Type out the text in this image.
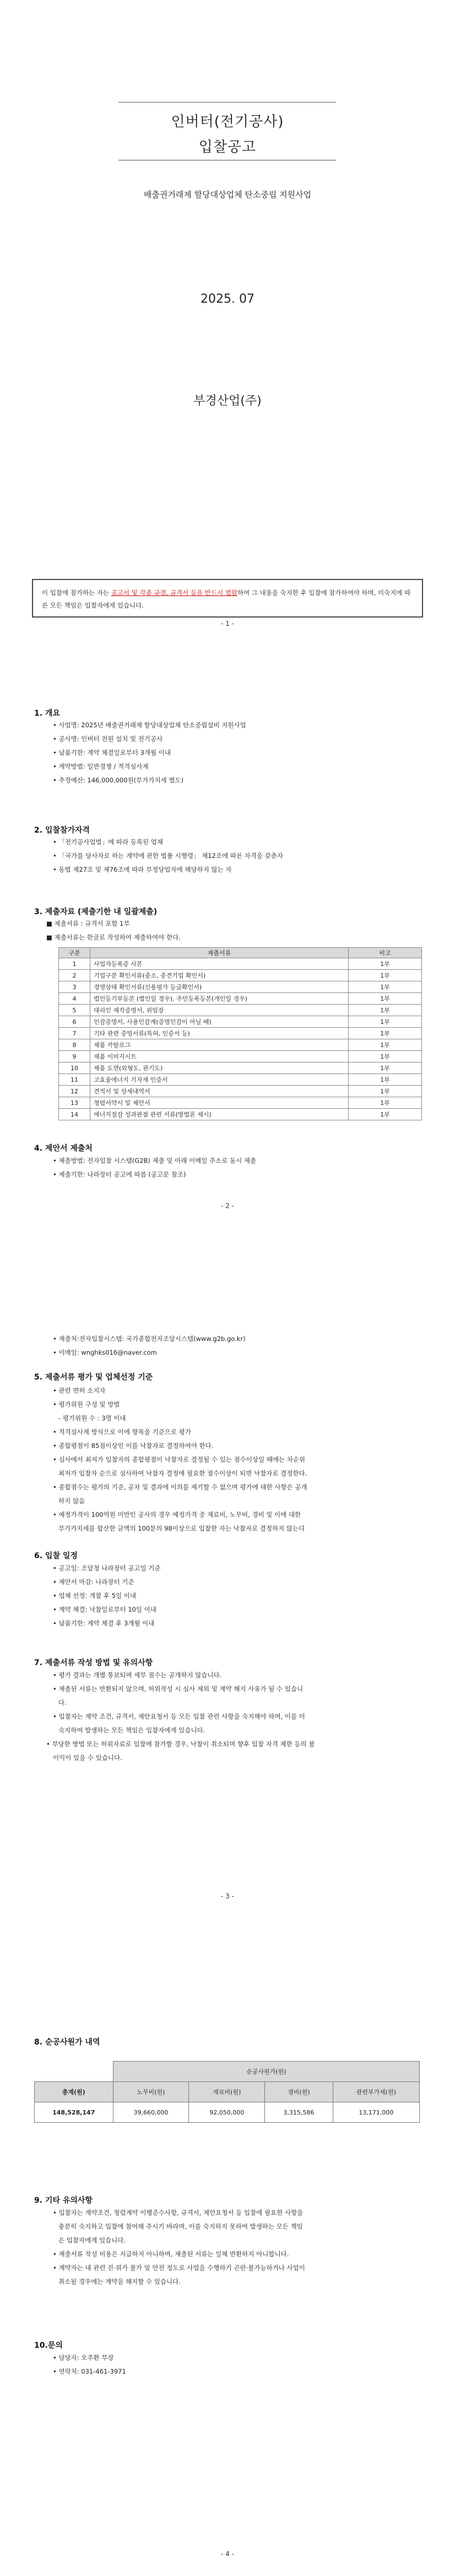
인버터(전기공사)
입찰공고
배출권거래제 할당대상업체 탄소중립 지원사업
2025. 07
부경산업(주)
이 입찰에 참가하는 자는 공고서 및 각종 규정, 규격서 등을 반드시 열람하여 그 내용을 숙지한 후 입찰에 참가하여야 하며, 미숙지에 따른 모든 책임은 입찰자에게 있습니다.
- 1 -
1. 개요

• 사업명: 2025년 배출권거래제 할당대상업체 탄소중립설비 지원사업

• 공사명: 인버터 전원 설치 및 전기공사

• 납품기한: 계약 체결일로부터 3개월 이내

• 계약방법: 일반경쟁 / 적격심사제

• 추정예산: 146,000,000원(부가가치세 별도)

2. 입찰참가자격

• 「전기공사업법」에 따라 등록된 업체

• 「국가를 당사자로 하는 계약에 관한 법률 시행령」 제12조에 따른 자격을 갖춘자

• 동법 제27조 및 제76조에 따라 부정당업자에 해당하지 않는 자

3. 제출자료 (제출기한 내 일괄제출)

■ 제출서류 : 규격서 포함 1부

■ 제출서류는 한글로 작성하여 제출하여야 한다.

구분	제출서류	비고
1	사업자등록증 사본	1부
2	기업구분 확인서류(중소, 중견기업 확인서)	1부
3	경영상태 확인서류(신용평가 등급확인서)	1부
4	법인등기부등본 (법인일 경우), 주민등록등본(개인일 경우)	1부
5	대리인 제작증명서, 위임장	1부
6	인감증명서, 사용인감계(증명인감이 아닐 때)	1부
7	기타 관련 증빙서류(특허, 인증서 등)	1부
8	제품 카탈로그	1부
9	제품 이미지시트	1부
10	제품 도면(외형도, 관기도)	1부
11	고효율에너지 기자재 인증서	1부
12	견적서 및 상세내역서	1부
13	청렴서약서 및 제안서	1부
14	에너지절감 성과관점 관련 서류(방법론 제시)	1부
4. 제안서 제출처

• 제출방법: 전자입찰 시스템(G2B) 제출 및 아래 이메일 주소로 동시 제출

• 제출기한: 나라장터 공고에 따름 (공고문 참조)

- 2 -

• 제출처:전자입찰시스템: 국가종합전자조달시스템(www.g2b.go.kr)

• 이메일: wnghks016@naver.com

5. 제출서류 평가 및 업체선정 기준

• 관련 면허 소지자

• 평가위원 구성 및 방법

- 평가위원 수 : 3명 이내

• 적격심사제 방식으로 이에 항목을 기준으로 평가

• 종합평점이 85점이상인 이를 낙찰자로 결정하여야 한다.

• 심사에서 최저가 입찰자의 종합평점이 낙찰자로 결정될 수 있는 점수이상일 때에는 차순위

최저가 입찰자 순으로 심사하여 낙찰자 결정에 필요한 점수이상이 되면 낙찰자로 결정한다.

• 종합점수는 평가의 기준, 공차 및 결과에 이의를 제기할 수 없으며 평가에 대한 사항은 공개

하지 않음

• 예정가격이 100억원 미만인 공사의 경우 예정가격 중 재료비, 노무비, 경비 및 이에 대한

부가가치세를 합산한 금액의 100분의 98이상으로 입찰한 자는 낙찰자로 결정하지 않는다

6. 입찰 일정

• 공고일: 조달청 나라장터 공고일 기준

• 제안서 마감: 나라장터 기준

• 업체 선정: 개찰 후 5일 이내

• 계약 체결: 낙찰일로부터 10일 이내

• 납품기한: 계약 체결 후 3개월 이내

7. 제출서류 작성 방법 및 유의사항

• 평가 결과는 개별 통보되며 세부 점수는 공개하지 않습니다.

• 제출된 서류는 반환되지 않으며, 허위작성 시 심사 제외 및 계약 해지 사유가 될 수 있습니

다.

• 입찰자는 계약 조건, 규격서, 제안요청서 등 모든 입찰 관련 사항을 숙지해야 하며, 이를 미

숙지하여 발생하는 모든 책임은 입찰자에게 있습니다.

• 부당한 방법 또는 허위자료로 입찰에 참가할 경우, 낙찰이 취소되며 향후 입찰 자격 제한 등의 불

이익이 있을 수 있습니다.

- 3 -
8. 순공사원가 내역
	순공사원가(원)			
총계(원)	노무비(원)	재료비(원)	경비(원)	관련부가세(원)
148,528,147	39,660,000	92,050,000	3,315,586	13,171,000
9. 기타 유의사항

• 입찰자는 계약조건, 청렴계약 이행준수사항, 규격서, 제안요청서 등 입찰에 필요한 사항을

충분히 숙지하고 입찰에 참여해 주시기 바라며, 이를 숙지하지 못하여 발생하는 모든 책임

은 입찰자에게 있습니다.

• 제출서류 작성 비용은 지급하지 아니하며, 제출된 서류는 일체 반환하지 아니합니다.

• 계약자는 내 관련 진·위가 불가 및 안전 정도로 사업을 수행하기 곤란·불가능하거나 사업이

취소될 경우에는 계약을 해지할 수 있습니다.

10.문의

• 담당자: 오주환 부장

• 연락처: 031-461-3971

- 4 -
